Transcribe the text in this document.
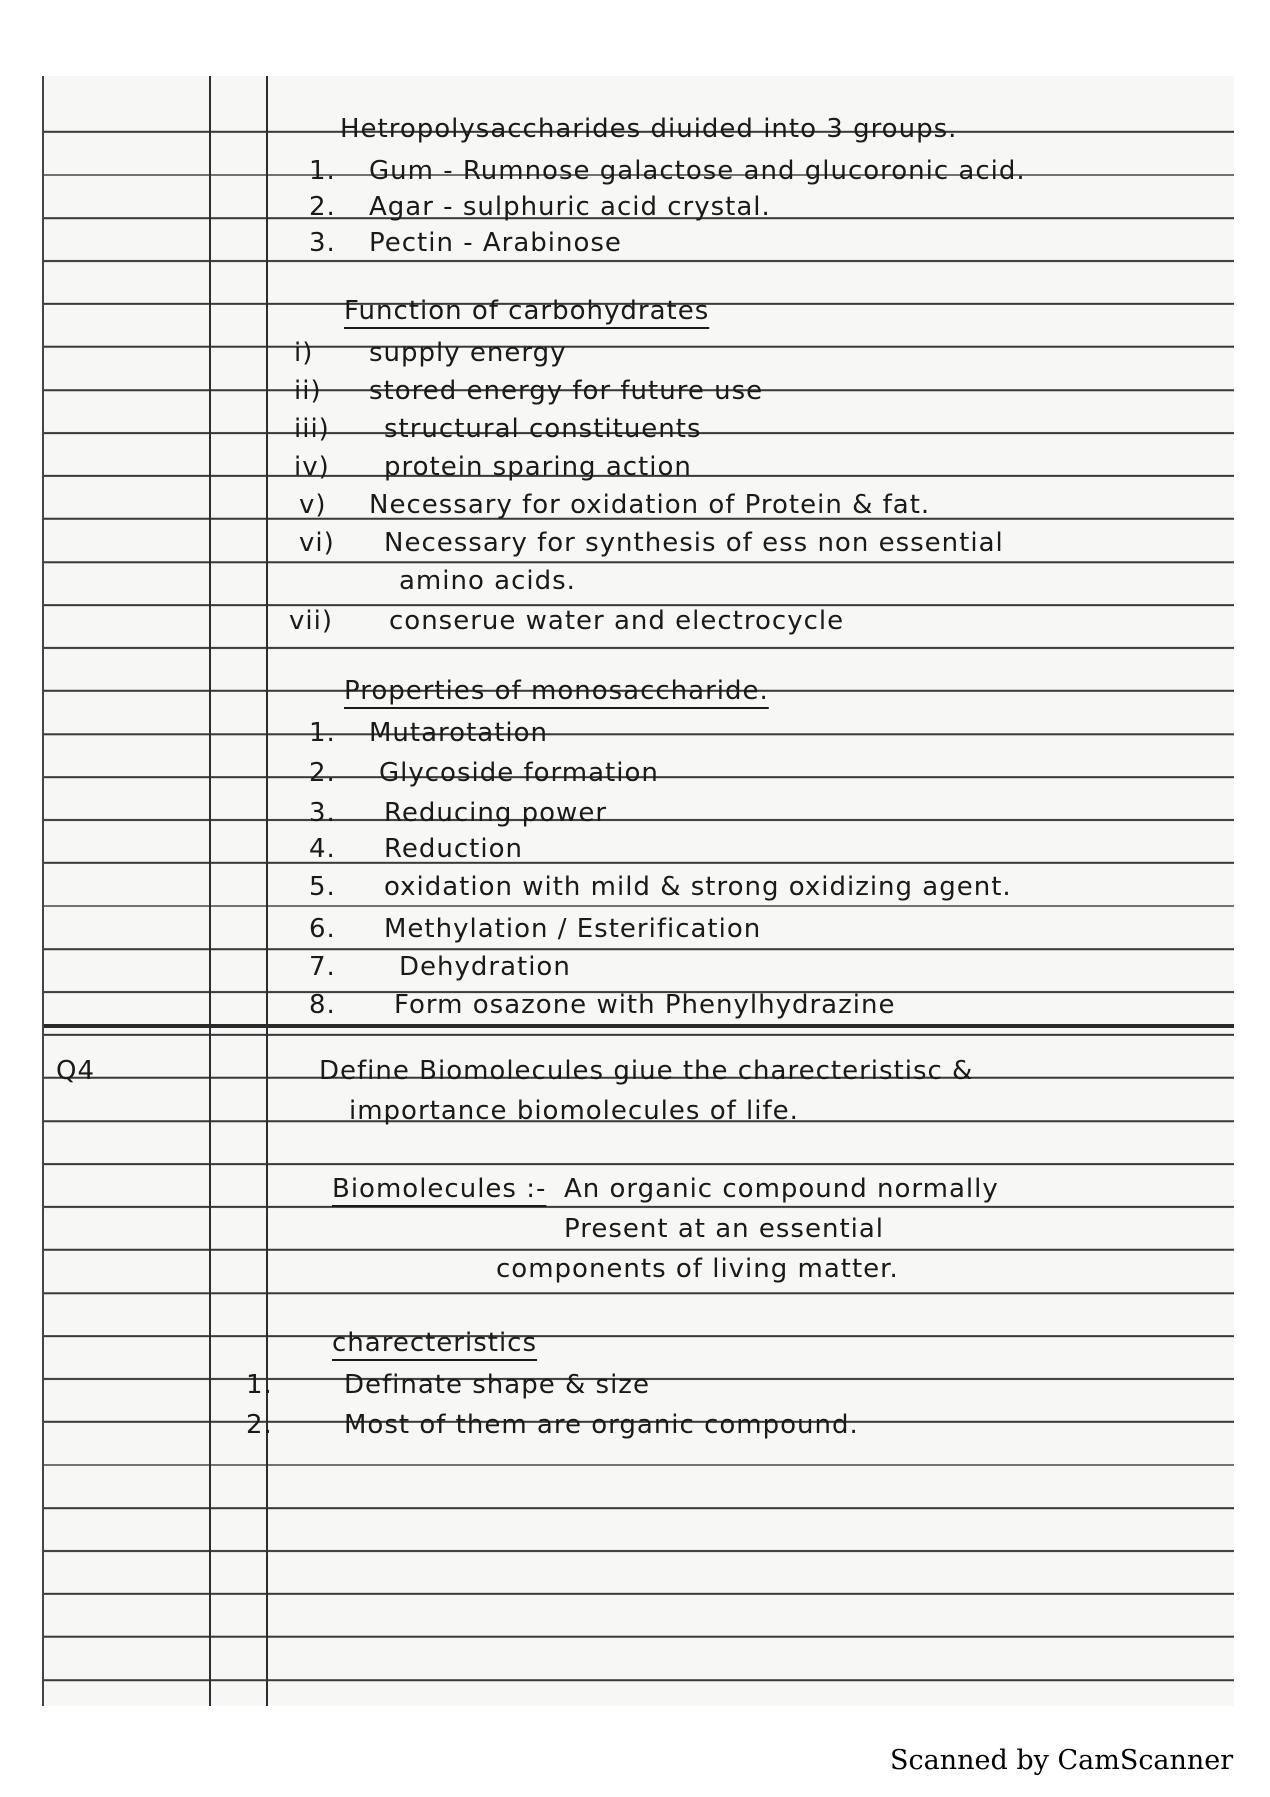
Hetropolysaccharides diuided into 3 groups.
1. Gum - Rumnose galactose and glucoronic acid.
2. Agar - sulphuric acid crystal.
3. Pectin - Arabinose
Function of carbohydrates
i) supply energy
ii) stored energy for future use
iii) structural constituents
iv) protein sparing action
v) Necessary for oxidation of Protein & fat.
vi) Necessary for synthesis of ess non essential
amino acids.
vii) conserue water and electrocycle
Properties of monosaccharide.
1. Mutarotation
2. Glycoside formation
3. Reducing power
4. Reduction
5. oxidation with mild & strong oxidizing agent.
6. Methylation / Esterification
7. Dehydration
8. Form osazone with Phenylhydrazine
Q4	Define Biomolecules giue the charecteristisc &
importance biomolecules of life.
Biomolecules :- An organic compound normally
Present at an essential
components of living matter.
charecteristics
1.	Definate shape & size
2.	Most of them are organic compound.
Scanned by CamScanner
